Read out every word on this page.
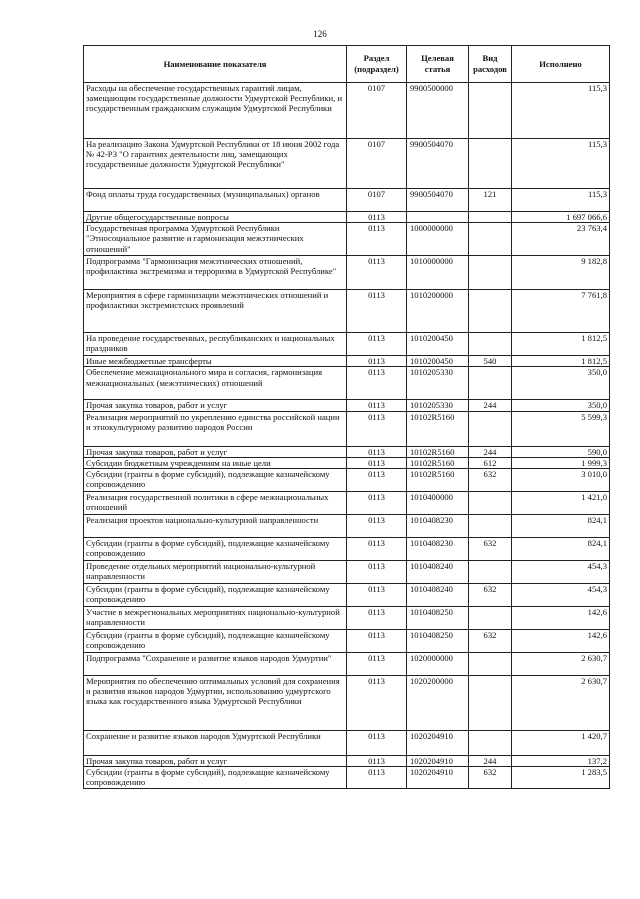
126
Наименование показателя	Раздел (подраздел)	Целевая статья	Вид расходов	Исполнено
Расходы на обеспечение государственных гарантий лицам, замещающим государственные должности Удмуртской Республики, и государственным гражданским служащим Удмуртской Республики	0107	9900500000		115,3
На реализацию Закона Удмуртской Республики от 18 июня 2002 года № 42-РЗ "О гарантиях деятельности лиц, замещающих государственные должности Удмуртской Республики"	0107	9900504070		115,3
Фонд оплаты труда государственных (муниципальных) органов	0107	9900504070	121	115,3
Другие общегосударственные вопросы	0113			1 697 066,6
Государственная программа Удмуртской Республики "Этносоциальное развитие и гармонизация межэтнических отношений"	0113	1000000000		23 763,4
Подпрограмма "Гармонизация межэтнических отношений, профилактика экстремизма и терроризма в Удмуртской Республике"	0113	1010000000		9 182,8
Мероприятия в сфере гармонизации межэтнических отношений и профилактики экстремистских проявлений	0113	1010200000		7 761,8
На проведение государственных, республиканских и национальных праздников	0113	1010200450		1 812,5
Иные межбюджетные трансферты	0113	1010200450	540	1 812,5
Обеспечение межнационального мира и согласия, гармонизация межнациональных (межэтнических) отношений	0113	1010205330		350,0
Прочая закупка товаров, работ и услуг	0113	1010205330	244	350,0
Реализация мероприятий по укреплению единства российской нации и этнокультурному развитию народов России	0113	10102R5160		5 599,3
Прочая закупка товаров, работ и услуг	0113	10102R5160	244	590,0
Субсидии бюджетным учреждениям на иные цели	0113	10102R5160	612	1 999,3
Субсидии (гранты в форме субсидий), подлежащие казначейскому сопровождению	0113	10102R5160	632	3 010,0
Реализация государственной политики в сфере межнациональных отношений	0113	1010400000		1 421,0
Реализация проектов национально-культурной направленности	0113	1010408230		824,1
Субсидии (гранты в форме субсидий), подлежащие казначейскому сопровождению	0113	1010408230	632	824,1
Проведение отдельных мероприятий национально-культурной направленности	0113	1010408240		454,3
Субсидии (гранты в форме субсидий), подлежащие казначейскому сопровождению	0113	1010408240	632	454,3
Участие в межрегиональных мероприятиях национально-культурной направленности	0113	1010408250		142,6
Субсидии (гранты в форме субсидий), подлежащие казначейскому сопровождению	0113	1010408250	632	142,6
Подпрограмма "Сохранение и развитие языков народов Удмуртии"	0113	1020000000		2 630,7
Мероприятия по обеспечению оптимальных условий для сохранения и развития языков народов Удмуртии, использованию удмуртского языка как государственного языка Удмуртской Республики	0113	1020200000		2 630,7
Сохранение и развитие языков народов Удмуртской Республики	0113	1020204910		1 420,7
Прочая закупка товаров, работ и услуг	0113	1020204910	244	137,2
Субсидии (гранты в форме субсидий), подлежащие казначейскому сопровождению	0113	1020204910	632	1 283,5
